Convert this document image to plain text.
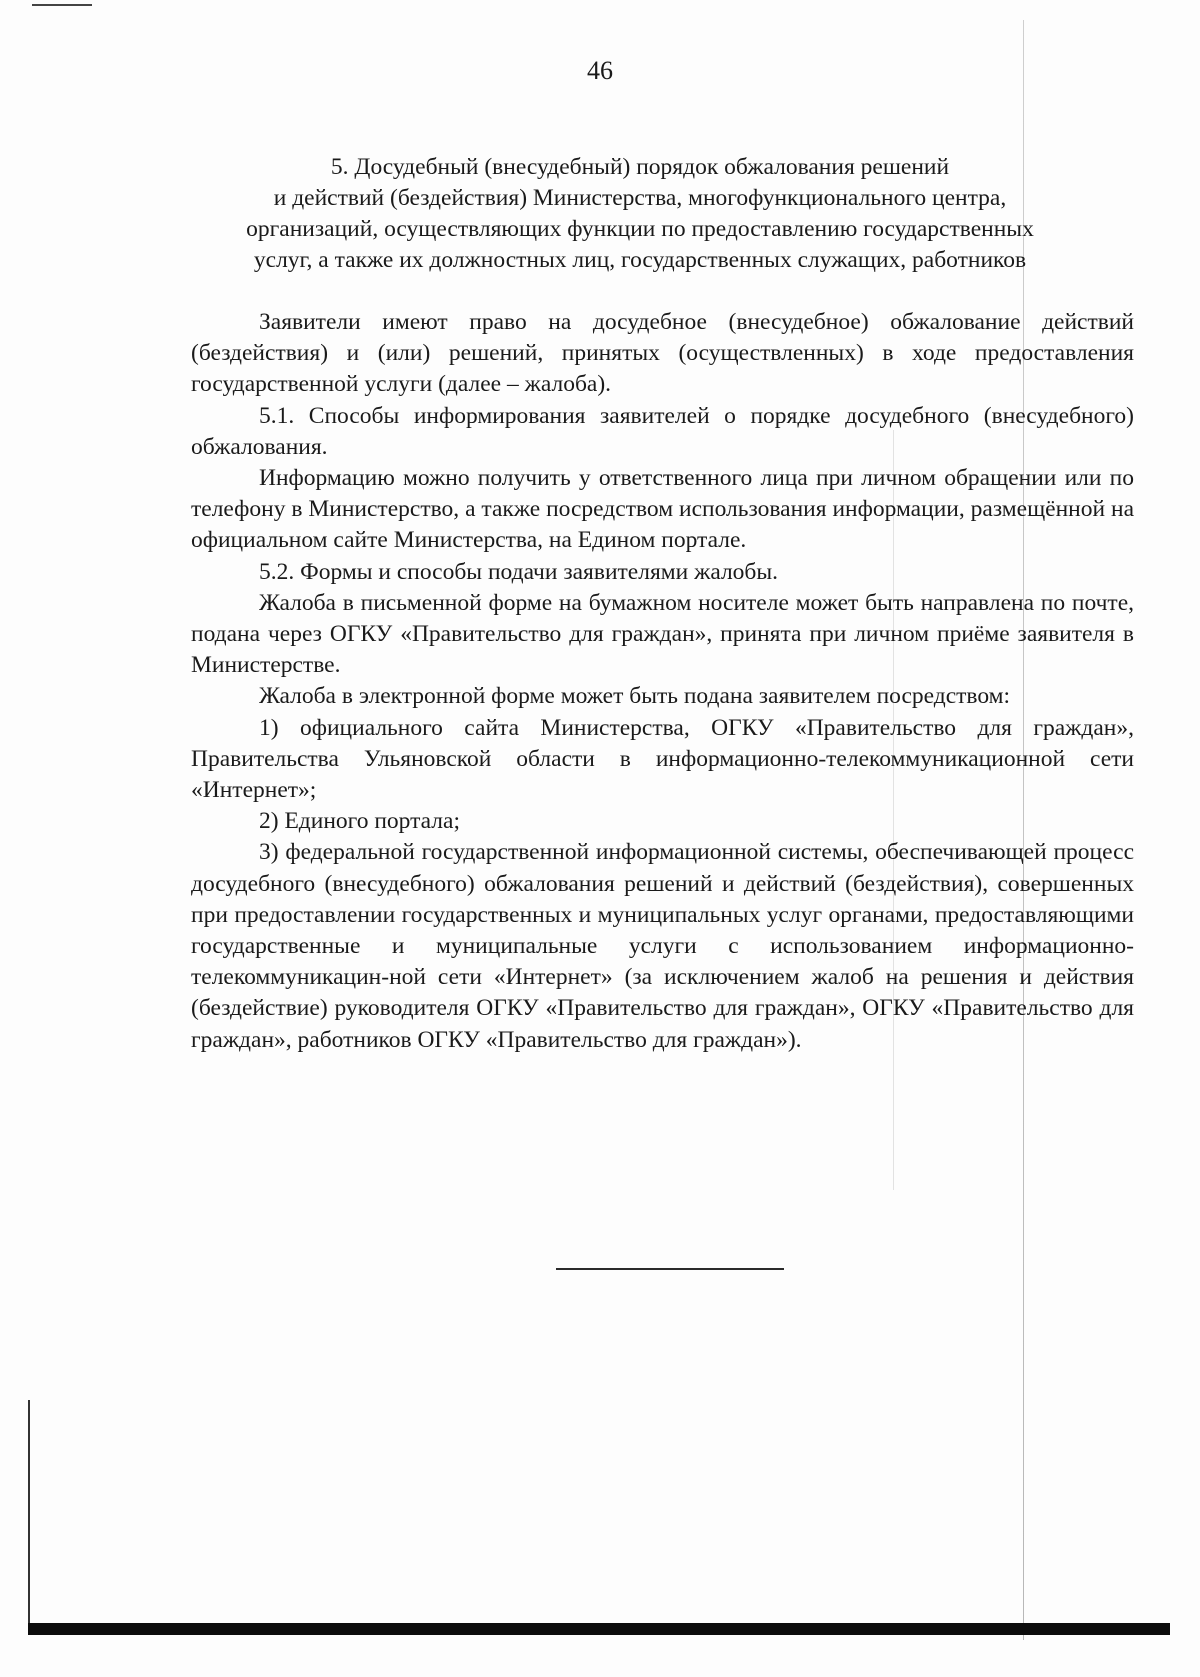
46
5. Досудебный (внесудебный) порядок обжалования решений
и действий (бездействия) Министерства, многофункционального центра,
организаций, осуществляющих функции по предоставлению государственных
услуг, а также их должностных лиц, государственных служащих, работников

Заявители имеют право на досудебное (внесудебное) обжалование действий (бездействия) и (или) решений, принятых (осуществленных) в ходе предоставления государственной услуги (далее – жалоба).

5.1. Способы информирования заявителей о порядке досудебного (внесудебного) обжалования.

Информацию можно получить у ответственного лица при личном обращении или по телефону в Министерство, а также посредством использования информации, размещённой на официальном сайте Министерства, на Едином портале.

5.2. Формы и способы подачи заявителями жалобы.

Жалоба в письменной форме на бумажном носителе может быть направлена по почте, подана через ОГКУ «Правительство для граждан», принята при личном приёме заявителя в Министерстве.

Жалоба в электронной форме может быть подана заявителем посредством:

1) официального сайта Министерства, ОГКУ «Правительство для граждан», Правительства Ульяновской области в информационно-телекоммуникационной сети «Интернет»;

2) Единого портала;

3) федеральной государственной информационной системы, обеспечивающей процесс досудебного (внесудебного) обжалования решений и действий (бездействия), совершенных при предоставлении государственных и муниципальных услуг органами, предоставляющими государственные и муниципальные услуги с использованием информационно-телекоммуникацин-ной сети «Интернет» (за исключением жалоб на решения и действия (бездействие) руководителя ОГКУ «Правительство для граждан», ОГКУ «Правительство для граждан», работников ОГКУ «Правительство для граждан»).
